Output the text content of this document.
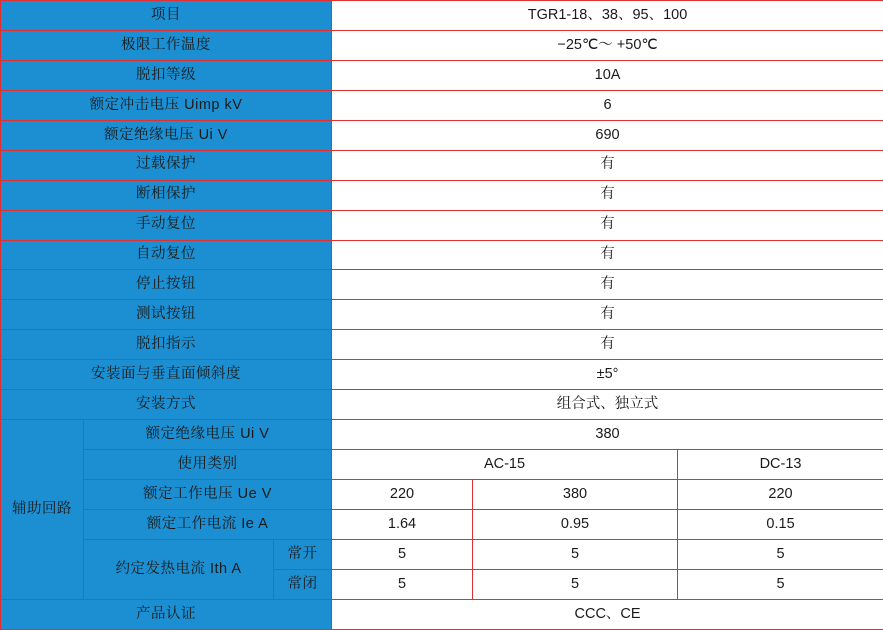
项目			TGR1-18、38、95、100		
极限工作温度			−25℃～ +50℃		
脱扣等级			10A		
额定冲击电压 Uimp kV			6		
额定绝缘电压 Ui V			690		
过载保护			有		
断相保护			有		
手动复位			有		
自动复位			有		
停止按钮			有		
测试按钮			有		
脱扣指示			有		
安装面与垂直面倾斜度			±5°		
安装方式			组合式、独立式		
辅助回路	额定绝缘电压 Ui V		380		
	使用类别		AC-15		DC-13
	额定工作电压 Ue V		220	380	220
	额定工作电流 Ie A		1.64	0.95	0.15
	约定发热电流 Ith A	常开	5	5	5
		常闭	5	5	5
产品认证			CCC、CE		
